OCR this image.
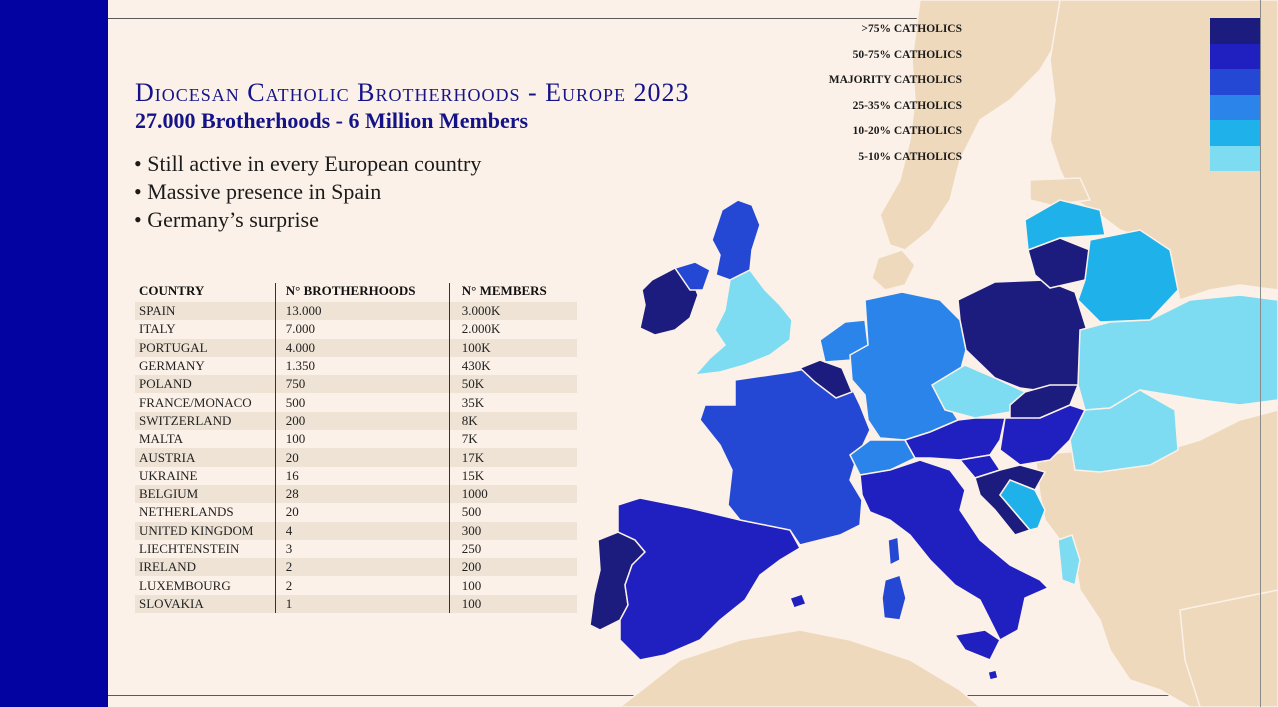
Diocesan Catholic Brotherhoods - Europe 2023
27.000 Brotherhoods - 6 Million Members
• Still active in every European country
• Massive presence in Spain
• Germany’s surprise
COUNTRY	N° BROTHERHOODS	N° MEMBERS
SPAIN	13.000	3.000K
ITALY	7.000	2.000K
PORTUGAL	4.000	100K
GERMANY	1.350	430K
POLAND	750	50K
FRANCE/MONACO	500	35K
SWITZERLAND	200	8K
MALTA	100	7K
AUSTRIA	20	17K
UKRAINE	16	15K
BELGIUM	28	1000
NETHERLANDS	20	500
UNITED KINGDOM	4	300
LIECHTENSTEIN	3	250
IRELAND	2	200
LUXEMBOURG	2	100
SLOVAKIA	1	100
>75% CATHOLICS
50-75% CATHOLICS
MAJORITY CATHOLICS
25-35% CATHOLICS
10-20% CATHOLICS
5-10% CATHOLICS
